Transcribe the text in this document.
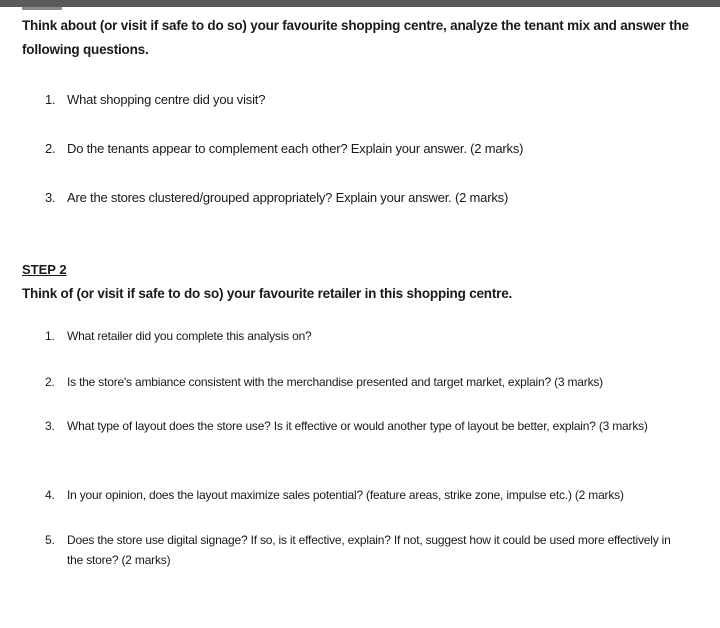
Think about (or visit if safe to do so) your favourite shopping centre, analyze the tenant mix and answer the following questions.
1. What shopping centre did you visit?
2. Do the tenants appear to complement each other? Explain your answer. (2 marks)
3. Are the stores clustered/grouped appropriately? Explain your answer. (2 marks)
STEP 2
Think of (or visit if safe to do so) your favourite retailer in this shopping centre.
1.	What retailer did you complete this analysis on?
2.	Is the store's ambiance consistent with the merchandise presented and target market, explain? (3 marks)
3.	What type of layout does the store use? Is it effective or would another type of layout be better, explain? (3 marks)
4.	In your opinion, does the layout maximize sales potential? (feature areas, strike zone, impulse etc.) (2 marks)
5.	Does the store use digital signage? If so, is it effective, explain? If not, suggest how it could be used more effectively in the store? (2 marks)
